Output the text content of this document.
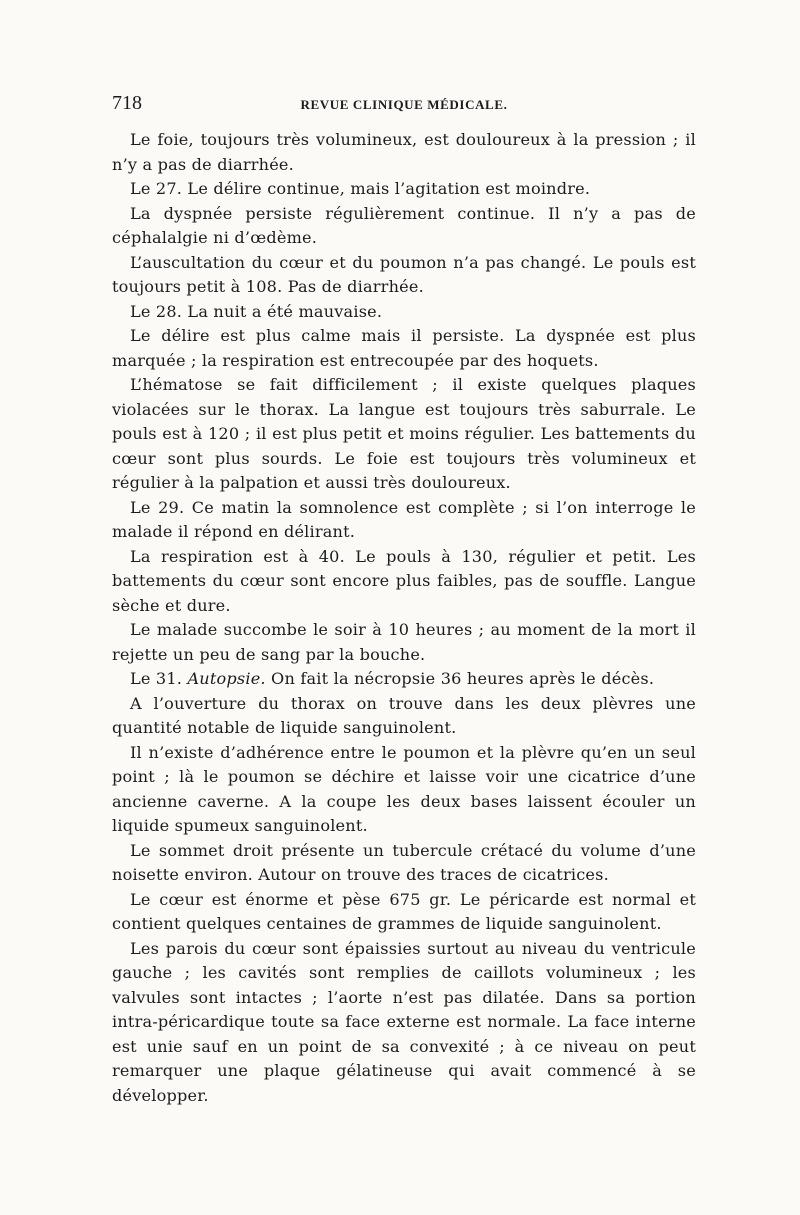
718	REVUE CLINIQUE MÉDICALE.

Le foie, toujours très volumineux, est douloureux à la pression ; il n’y a pas de diarrhée.

Le 27. Le délire continue, mais l’agitation est moindre.

La dyspnée persiste régulièrement continue. Il n’y a pas de céphalalgie ni d’œdème.

L’auscultation du cœur et du poumon n’a pas changé. Le pouls est toujours petit à 108. Pas de diarrhée.

Le 28. La nuit a été mauvaise.

Le délire est plus calme mais il persiste. La dyspnée est plus marquée ; la respiration est entrecoupée par des hoquets.

L’hématose se fait difficilement ; il existe quelques plaques violacées sur le thorax. La langue est toujours très saburrale. Le pouls est à 120 ; il est plus petit et moins régulier. Les battements du cœur sont plus sourds. Le foie est toujours très volumineux et régulier à la palpation et aussi très douloureux.

Le 29. Ce matin la somnolence est complète ; si l’on interroge le malade il répond en délirant.

La respiration est à 40. Le pouls à 130, régulier et petit. Les battements du cœur sont encore plus faibles, pas de souffle. Langue sèche et dure.

Le malade succombe le soir à 10 heures ; au moment de la mort il rejette un peu de sang par la bouche.

Le 31. Autopsie. On fait la nécropsie 36 heures après le décès.

A l’ouverture du thorax on trouve dans les deux plèvres une quantité notable de liquide sanguinolent.

Il n’existe d’adhérence entre le poumon et la plèvre qu’en un seul point ; là le poumon se déchire et laisse voir une cicatrice d’une ancienne caverne. A la coupe les deux bases laissent écouler un liquide spumeux sanguinolent.

Le sommet droit présente un tubercule crétacé du volume d’une noisette environ. Autour on trouve des traces de cicatrices.

Le cœur est énorme et pèse 675 gr. Le péricarde est normal et contient quelques centaines de grammes de liquide sanguinolent.

Les parois du cœur sont épaissies surtout au niveau du ventricule gauche ; les cavités sont remplies de caillots volumineux ; les valvules sont intactes ; l’aorte n’est pas dilatée. Dans sa portion intra-péricardique toute sa face externe est normale. La face interne est unie sauf en un point de sa convexité ; à ce niveau on peut remarquer une plaque gélatineuse qui avait commencé à se développer.
